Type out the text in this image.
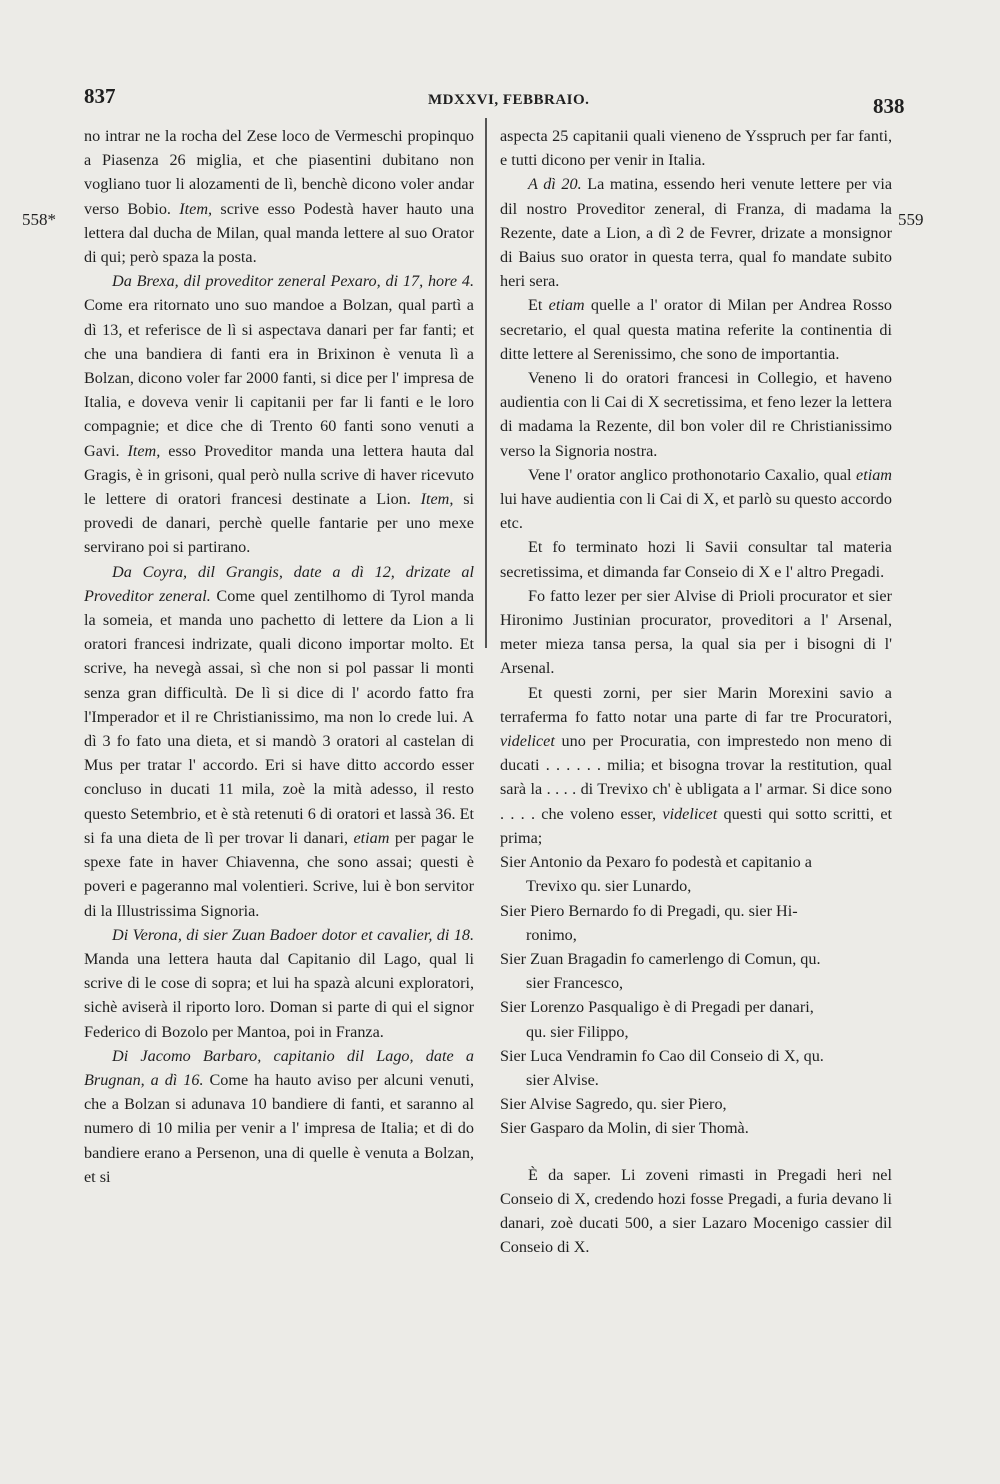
837	MDXXVI, FEBBRAIO.	838
558*	559

no intrar ne la rocha del Zese loco de Vermeschi propinquo a Piasenza 26 miglia, et che piasentini dubitano non vogliano tuor li alozamenti de lì, benchè dicono voler andar verso Bobio. Item, scrive esso Podestà haver hauto una lettera dal ducha de Milan, qual manda lettere al suo Orator di qui; però spaza la posta.

Da Brexa, dil proveditor zeneral Pexaro, di 17, hore 4. Come era ritornato uno suo mandoe a Bolzan, qual partì a dì 13, et referisce de lì si aspectava danari per far fanti; et che una bandiera di fanti era in Brixinon è venuta lì a Bolzan, dicono voler far 2000 fanti, si dice per l' impresa de Italia, e doveva venir li capitanii per far li fanti e le loro compagnie; et dice che di Trento 60 fanti sono venuti a Gavi. Item, esso Proveditor manda una lettera hauta dal Gragis, è in grisoni, qual però nulla scrive di haver ricevuto le lettere di oratori francesi destinate a Lion. Item, si provedi de danari, perchè quelle fantarie per uno mexe servirano poi si partirano.

Da Coyra, dil Grangis, date a dì 12, drizate al Proveditor zeneral. Come quel zentilhomo di Tyrol manda la someia, et manda uno pachetto di lettere da Lion a li oratori francesi indrizate, quali dicono importar molto. Et scrive, ha nevegà assai, sì che non si pol passar li monti senza gran difficultà. De lì si dice di l' acordo fatto fra l'Imperador et il re Christianissimo, ma non lo crede lui. A dì 3 fo fato una dieta, et si mandò 3 oratori al castelan di Mus per tratar l' accordo. Eri si have ditto accordo esser concluso in ducati 11 mila, zoè la mità adesso, il resto questo Setembrio, et è stà retenuti 6 di oratori et lassà 36. Et si fa una dieta de lì per trovar li danari, etiam per pagar le spexe fate in haver Chiavenna, che sono assai; questi è poveri e pageranno mal volentieri. Scrive, lui è bon servitor di la Illustrissima Signoria.

Di Verona, di sier Zuan Badoer dotor et cavalier, di 18. Manda una lettera hauta dal Capitanio dil Lago, qual li scrive di le cose di sopra; et lui ha spazà alcuni exploratori, sichè aviserà il riporto loro. Doman si parte di qui el signor Federico di Bozolo per Mantoa, poi in Franza.

Di Jacomo Barbaro, capitanio dil Lago, date a Brugnan, a dì 16. Come ha hauto aviso per alcuni venuti, che a Bolzan si adunava 10 bandiere di fanti, et saranno al numero di 10 milia per venir a l' impresa de Italia; et di do bandiere erano a Persenon, una di quelle è venuta a Bolzan, et si

aspecta 25 capitanii quali vieneno de Ysspruch per far fanti, e tutti dicono per venir in Italia.

A dì 20. La matina, essendo heri venute lettere per via dil nostro Proveditor zeneral, di Franza, di madama la Rezente, date a Lion, a dì 2 de Fevrer, drizate a monsignor di Baius suo orator in questa terra, qual fo mandate subito heri sera.

Et etiam quelle a l' orator di Milan per Andrea Rosso secretario, el qual questa matina referite la continentia di ditte lettere al Serenissimo, che sono de importantia.

Veneno li do oratori francesi in Collegio, et haveno audientia con li Cai di X secretissima, et feno lezer la lettera di madama la Rezente, dil bon voler dil re Christianissimo verso la Signoria nostra.

Vene l' orator anglico prothonotario Caxalio, qual etiam lui have audientia con li Cai di X, et parlò su questo accordo etc.

Et fo terminato hozi li Savii consultar tal materia secretissima, et dimanda far Conseio di X e l' altro Pregadi.

Fo fatto lezer per sier Alvise di Prioli procurator et sier Hironimo Justinian procurator, proveditori a l' Arsenal, meter mieza tansa persa, la qual sia per i bisogni di l' Arsenal.

Et questi zorni, per sier Marin Morexini savio a terraferma fo fatto notar una parte di far tre Procuratori, videlicet uno per Procuratia, con imprestedo non meno di ducati . . . . . . milia; et bisogna trovar la restitution, qual sarà la . . . . di Trevixo ch' è ubligata a l' armar. Si dice sono . . . . che voleno esser, videlicet questi qui sotto scritti, et prima;

Sier Antonio da Pexaro fo podestà et capitanio a
Trevixo qu. sier Lunardo,

Sier Piero Bernardo fo di Pregadi, qu. sier Hi-
ronimo,

Sier Zuan Bragadin fo camerlengo di Comun, qu.
sier Francesco,

Sier Lorenzo Pasqualigo è di Pregadi per danari,
qu. sier Filippo,

Sier Luca Vendramin fo Cao dil Conseio di X, qu.
sier Alvise.

Sier Alvise Sagredo, qu. sier Piero,

Sier Gasparo da Molin, di sier Thomà.

È da saper. Li zoveni rimasti in Pregadi heri nel Conseio di X, credendo hozi fosse Pregadi, a furia devano li danari, zoè ducati 500, a sier Lazaro Mocenigo cassier dil Conseio di X.
